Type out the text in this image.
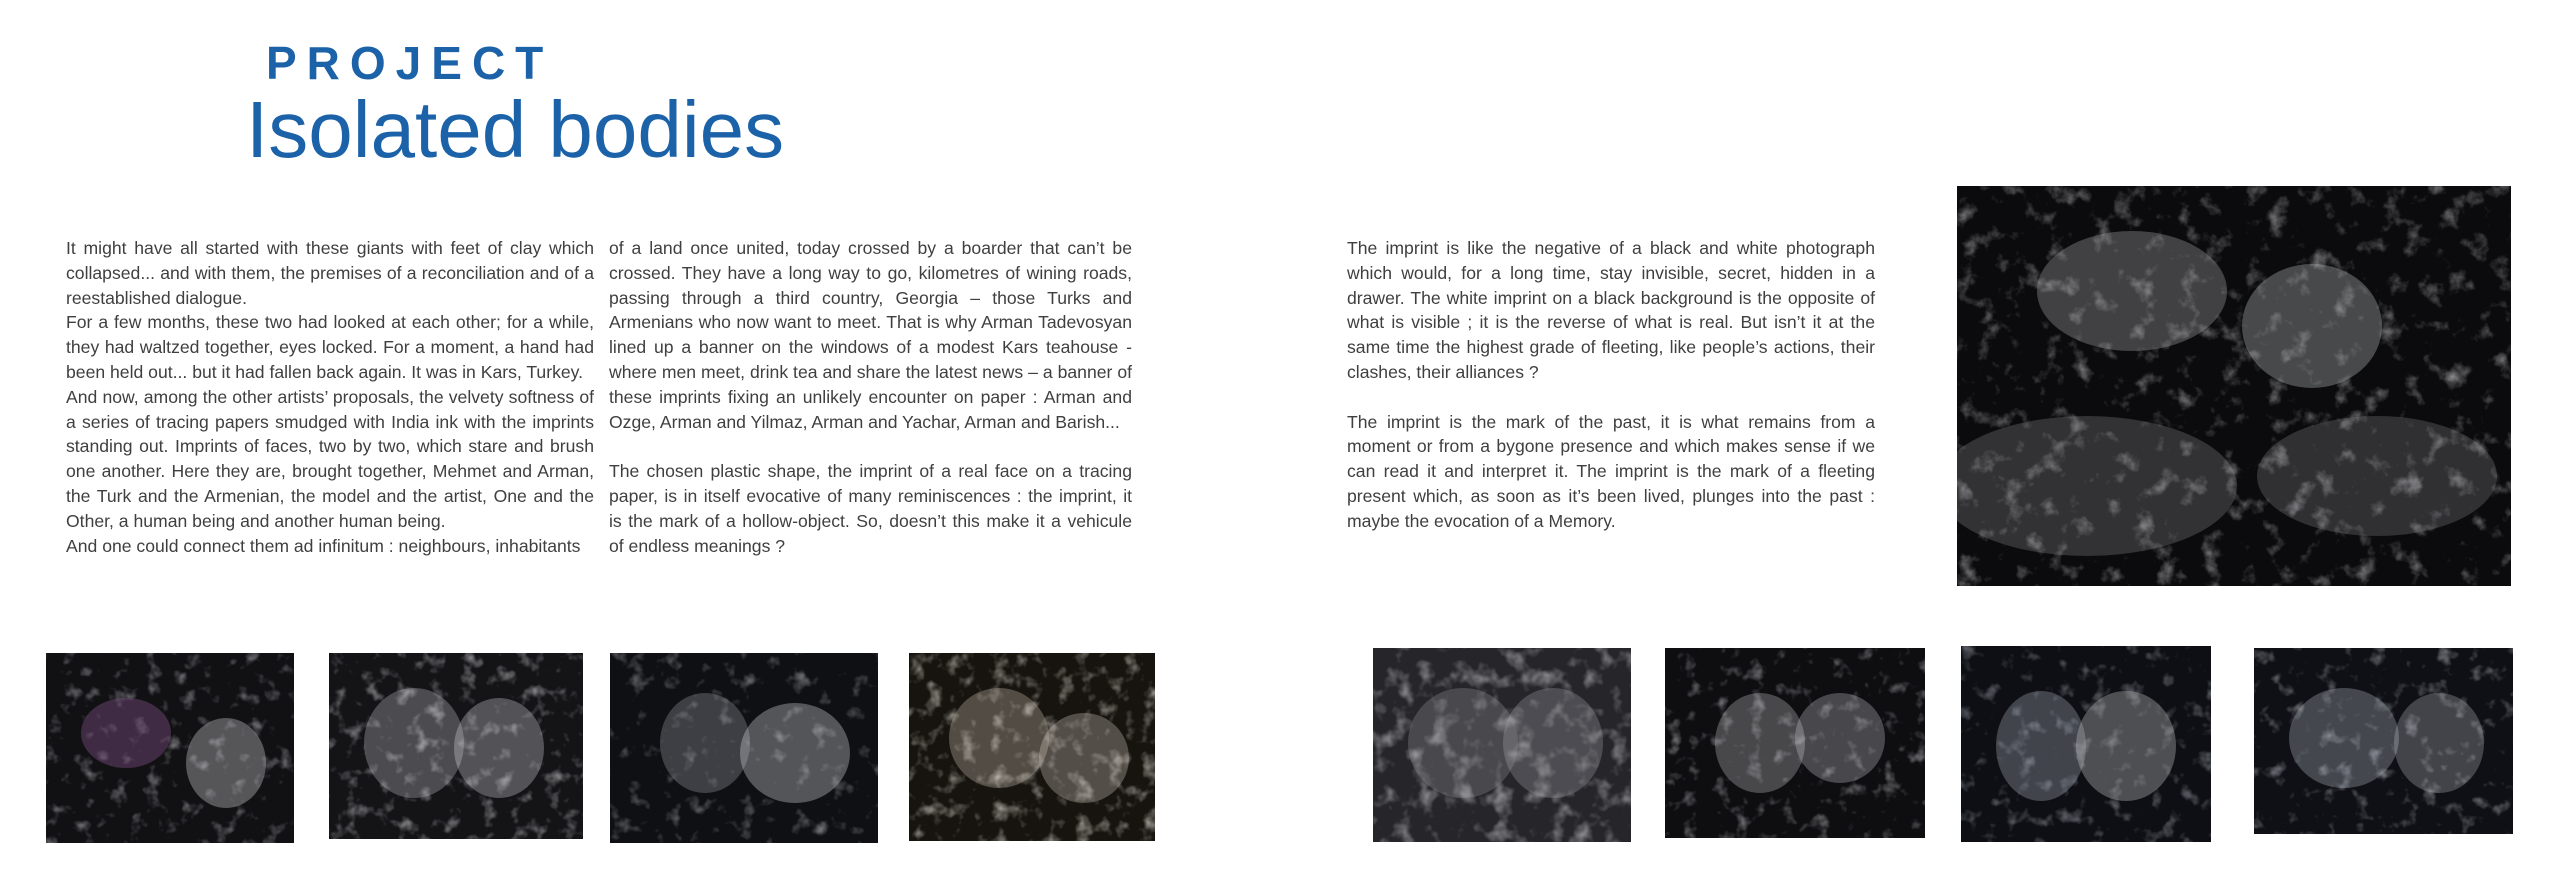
PROJECT
Isolated bodies

It might have all started with these giants with feet of clay which collapsed... and with them, the premises of a reconciliation and of a reestablished dialogue.

For a few months, these two had looked at each other; for a while, they had waltzed together, eyes locked. For a moment, a hand had been held out... but it had fallen back again. It was in Kars, Turkey.

And now, among the other artists’ proposals, the velvety softness of a series of tracing papers smudged with India ink with the imprints standing out. Imprints of faces, two by two, which stare and brush one another. Here they are, brought together, Mehmet and Arman, the Turk and the Armenian, the model and the artist, One and the Other, a human being and another human being.

And one could connect them ad infinitum : neighbours, inhabitants

of a land once united, today crossed by a boarder that can’t be crossed. They have a long way to go, kilometres of wining roads, passing through a third country, Georgia – those Turks and Armenians who now want to meet. That is why Arman Tadevosyan lined up a banner on the windows of a modest Kars teahouse - where men meet, drink tea and share the latest news – a banner of these imprints fixing an unlikely encounter on paper : Arman and Ozge, Arman and Yilmaz, Arman and Yachar, Arman and Barish...

The chosen plastic shape, the imprint of a real face on a tracing paper, is in itself evocative of many reminiscences : the imprint, it is the mark of a hollow-object. So, doesn’t this make it a vehicule of endless meanings ?

The imprint is like the negative of a black and white photograph which would, for a long time, stay invisible, secret, hidden in a drawer. The white imprint on a black background is the opposite of what is visible ; it is the reverse of what is real. But isn’t it at the same time the highest grade of fleeting, like people’s actions, their clashes, their alliances ?

The imprint is the mark of the past, it is what remains from a moment or from a bygone presence and which makes sense if we can read it and interpret it. The imprint is the mark of a fleeting present which, as soon as it’s been lived, plunges into the past : maybe the evocation of a Memory.
